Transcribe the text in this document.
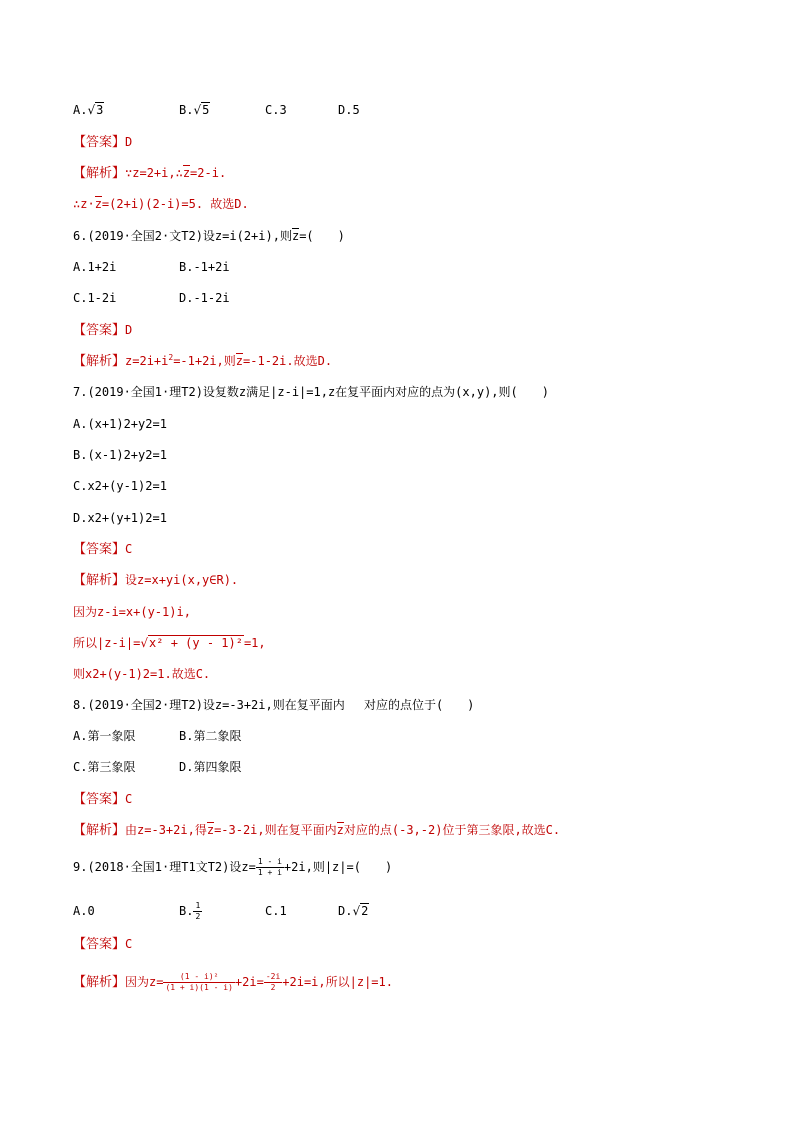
A.√3	B.√5	C.3	D.5
【答案】D
【解析】∵z=2+i,∴z=2-i.
∴z·z=(2+i)(2-i)=5. 故选D.
6.(2019·全国2·文T2)设z=i(2+i),则z=(　　)
A.1+2i	B.-1+2i
C.1-2i	D.-1-2i
【答案】D
【解析】$z=2i+i^2=-1+2i$,则z=-1-2i.故选D.
7.(2019·全国1·理T2)设复数z满足|z-i|=1,z在复平面内对应的点为(x,y),则(　　)
A.(x+1)2+y2=1
B.(x-1)2+y2=1
C.x2+(y-1)2=1
D.x2+(y+1)2=1
【答案】C
【解析】设z=x+yi(x,y∈R).
因为z-i=x+(y-1)i,
所以|z-i|=√x² + (y - 1)²=1,
则x2+(y-1)2=1.故选C.
8.(2019·全国2·理T2)设z=-3+2i,则在复平面内　 对应的点位于(　　)
A.第一象限	B.第二象限
C.第三象限	D.第四象限
【答案】C
【解析】由z=-3+2i,得z=-3-2i,则在复平面内z对应的点(-3,-2)位于第三象限,故选C.
9.(2018·全国1·理T1文T2)设$z= \frac{1 - i}{1 + i} +2i$,则|z|=(　　)
A.0	B. $\frac{1}{2}$	C.1	D.√2
【答案】C
【解析】因为$z= \frac{\text{(1 - i)²}}{(1 + i)(1 - i)} +2i= \frac{-2i}{2} +2i=i$,所以|z|=1.
